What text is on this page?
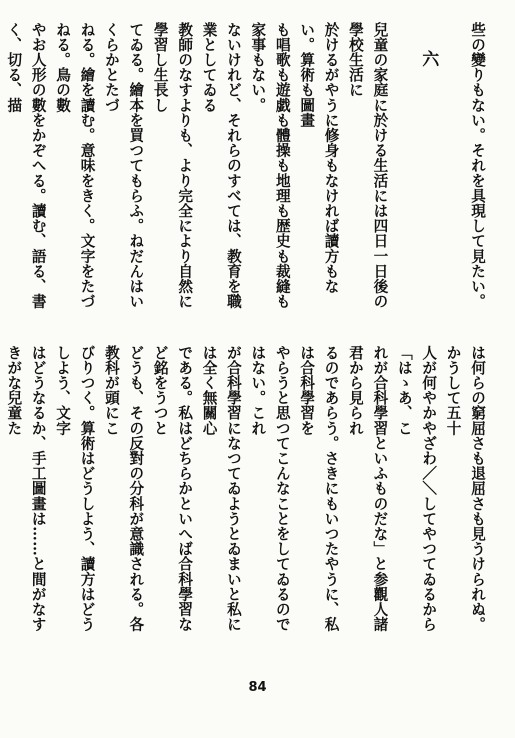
些の變りもない。それを具現して見たい。

六

兒童の家庭に於ける生活には四日一日後の學校生活に

於けるがやうに修身もなければ讀方もない。算術も圖畫

も唱歌も遊戯も體操も地理も歴史も裁縫も家事もない。

ないけれど、それらのすべては、教育を職業としてゐる

教師のなすよりも、より完全により自然に學習し生長し

てゐる。繪本を買つてもらふ。ねだんはいくらかとたづ

ねる。繪を讀む。意味をきく。文字をたづねる。鳥の數

やお人形の數をかぞへる。讀む、語る、書く、切る、描

は何らの窮屈さも退屈さも見うけられぬ。かうして五十

人が何やかやざわ／＼してやつてゐるから「はゝあ、こ

れが合科學習といふものだな」と参觀人諸君から見られ

るのであらう。さきにもいつたやうに、私は合科學習を

やらうと思つてこんなことをしてゐるのではない。これ

が合科學習になつてゐようとゐまいと私には全く無關心

である。私はどちらかといへば合科學習など銘をうつと

どうも、その反對の分科が意識される。各教科が頭にこ

びりつく。算術はどうしよう、讀方はどうしよう、文字

はどうなるか、手工圖畫は……と間がなすきがな兒童た

84
